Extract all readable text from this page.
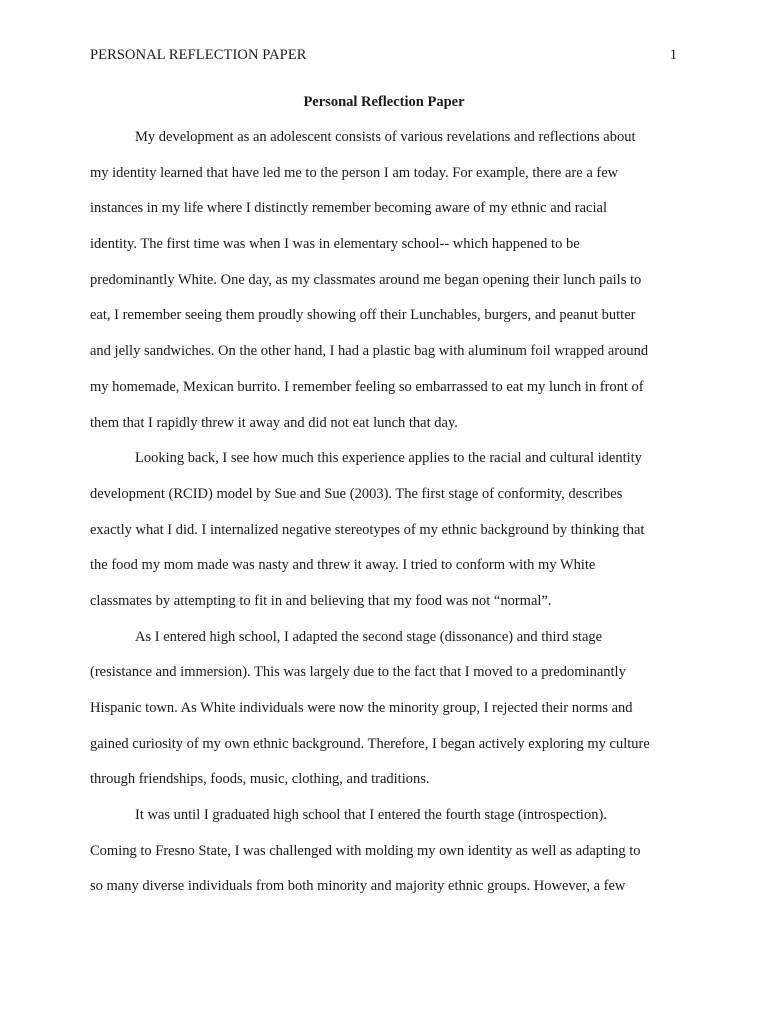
PERSONAL REFLECTION PAPER	1
Personal Reflection Paper
My development as an adolescent consists of various revelations and reflections about
my identity learned that have led me to the person I am today. For example, there are a few
instances in my life where I distinctly remember becoming aware of my ethnic and racial
identity. The first time was when I was in elementary school-- which happened to be
predominantly White. One day, as my classmates around me began opening their lunch pails to
eat, I remember seeing them proudly showing off their Lunchables, burgers, and peanut butter
and jelly sandwiches. On the other hand, I had a plastic bag with aluminum foil wrapped around
my homemade, Mexican burrito. I remember feeling so embarrassed to eat my lunch in front of
them that I rapidly threw it away and did not eat lunch that day.
Looking back, I see how much this experience applies to the racial and cultural identity
development (RCID) model by Sue and Sue (2003). The first stage of conformity, describes
exactly what I did. I internalized negative stereotypes of my ethnic background by thinking that
the food my mom made was nasty and threw it away. I tried to conform with my White
classmates by attempting to fit in and believing that my food was not “normal”.
As I entered high school, I adapted the second stage (dissonance) and third stage
(resistance and immersion). This was largely due to the fact that I moved to a predominantly
Hispanic town. As White individuals were now the minority group, I rejected their norms and
gained curiosity of my own ethnic background. Therefore, I began actively exploring my culture
through friendships, foods, music, clothing, and traditions.
It was until I graduated high school that I entered the fourth stage (introspection).
Coming to Fresno State, I was challenged with molding my own identity as well as adapting to
so many diverse individuals from both minority and majority ethnic groups. However, a few
